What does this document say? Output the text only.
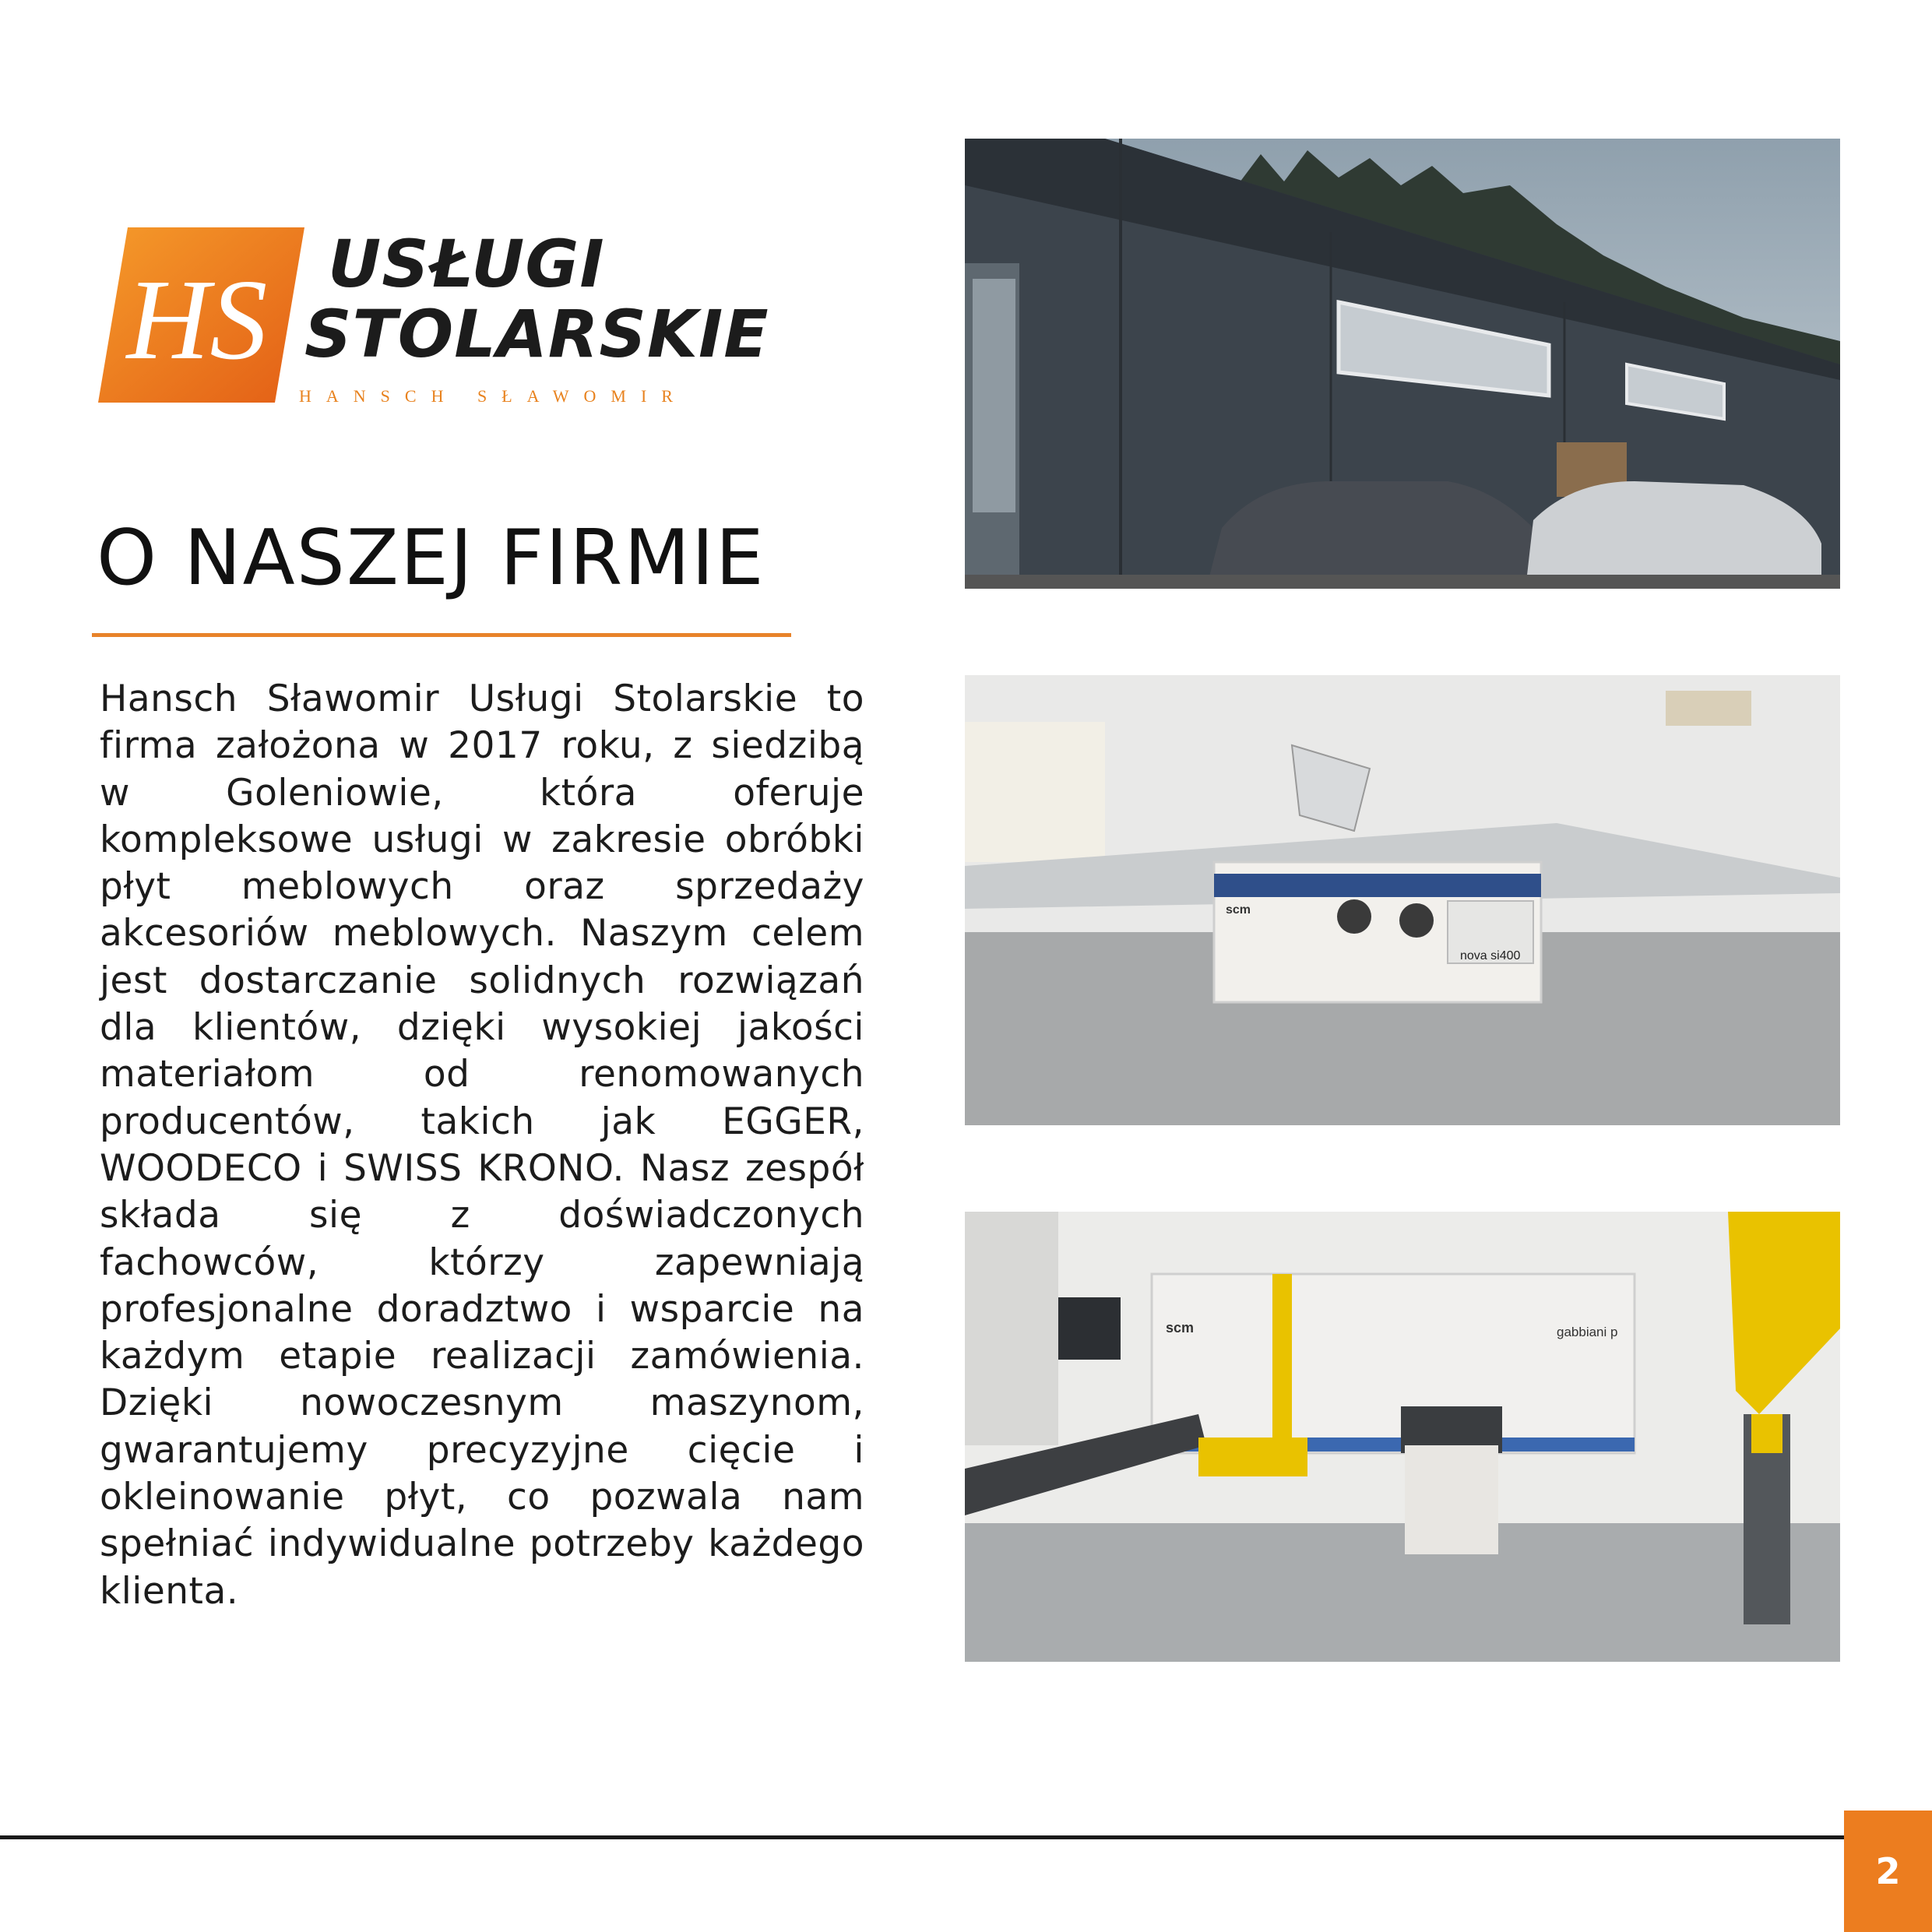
HS USŁUGI
STOLARSKIE
HANSCH SŁAWOMIR
O NASZEJ FIRMIE

Hansch Sławomir Usługi Stolarskie to firma założona w 2017 roku, z siedzibą w Goleniowie, która oferuje kompleksowe usługi w zakresie obróbki płyt meblowych oraz sprzedaży akcesoriów meblowych. Naszym celem jest dostarczanie solidnych rozwiązań dla klientów, dzięki wysokiej jakości materiałom od renomowanych producentów, takich jak EGGER, WOODECO i SWISS KRONO. Nasz zespół składa się z doświadczonych fachowców, którzy zapewniają profesjonalne doradztwo i wsparcie na każdym etapie realizacji zamówienia. Dzięki nowoczesnym maszynom, gwarantujemy precyzyjne cięcie i okleinowanie płyt, co pozwala nam spełniać indywidualne potrzeby każdego klienta.

nova si400
scm
scm	gabbiani p
2
